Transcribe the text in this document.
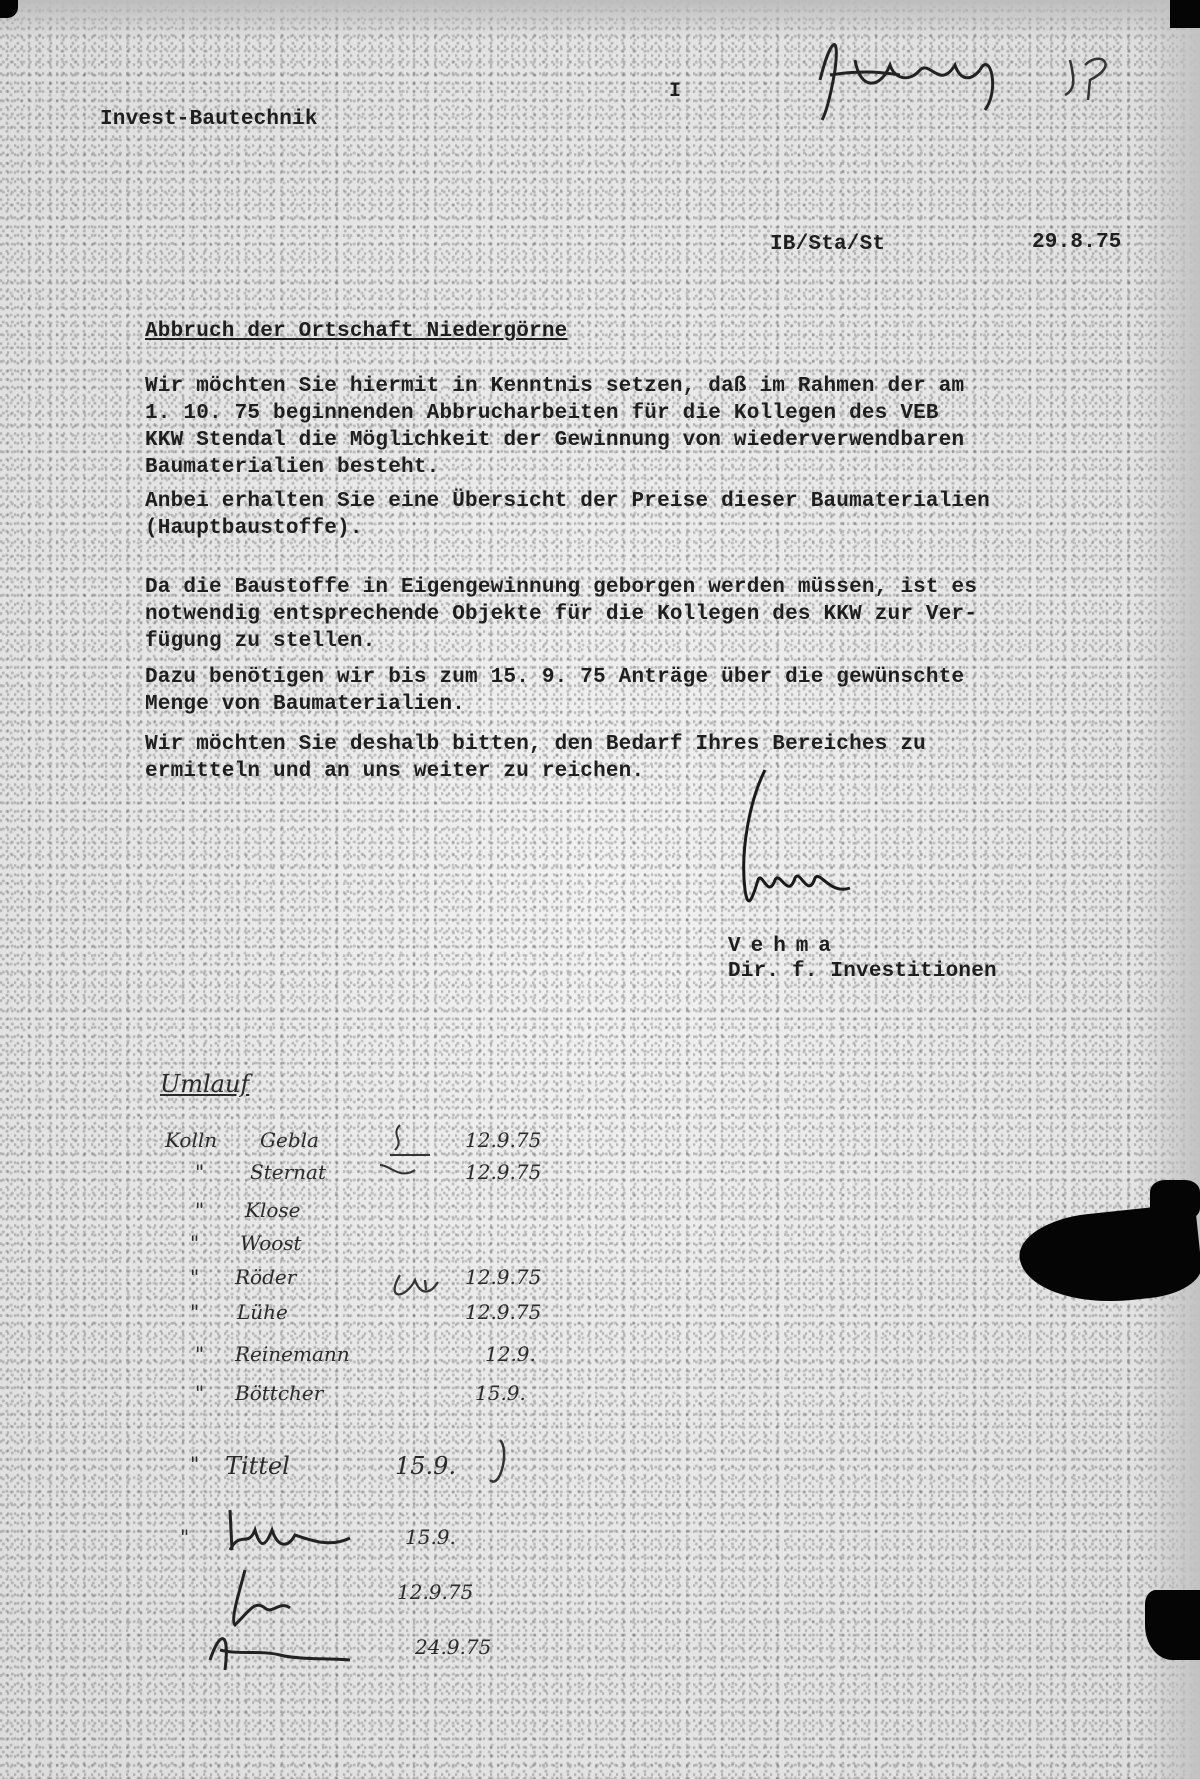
I

Invest-Bautechnik

IB/Sta/St	29.8.75

Abbruch der Ortschaft Niedergörne

Wir möchten Sie hiermit in Kenntnis setzen, daß im Rahmen der am
1. 10. 75 beginnenden Abbrucharbeiten für die Kollegen des VEB
KKW Stendal die Möglichkeit der Gewinnung von wiederverwendbaren
Baumaterialien besteht.
Anbei erhalten Sie eine Übersicht der Preise dieser Baumaterialien
(Hauptbaustoffe).
Da die Baustoffe in Eigengewinnung geborgen werden müssen, ist es
notwendig entsprechende Objekte für die Kollegen des KKW zur Ver-
fügung zu stellen.
Dazu benötigen wir bis zum 15. 9. 75 Anträge über die gewünschte
Menge von Baumaterialien.
Wir möchten Sie deshalb bitten, den Bedarf Ihres Bereiches zu
ermitteln und an uns weiter zu reichen.

Vehma

Dir. f. Investitionen

Umlauf

Kolln Gebla	12.9.75
" Sternat	12.9.75
" Klose
" Woost
" Röder	12.9.75
" Lühe	12.9.75
" Reinemann	12.9.
" Böttcher	15.9.
" Tittel	15.9.
"	15.9.
12.9.75
24.9.75
